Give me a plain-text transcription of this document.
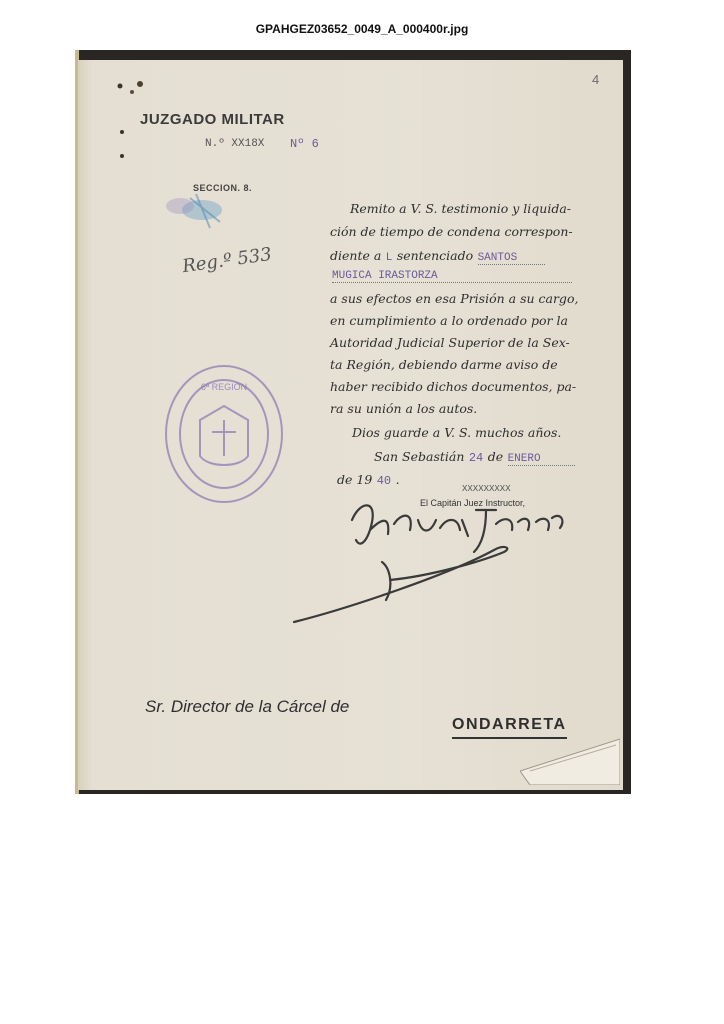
GPAHGEZ03652_0049_A_000400r.jpg
4
JUZGADO MILITAR
N.º XX18X Nº 6
SECCION. 8.
Reg.º 533
Remito a V. S. testimonio y liquida-
ción de tiempo de condena correspon-
diente a L sentenciado SANTOS
MUGICA IRASTORZA
a sus efectos en esa Prisión a su cargo,
en cumplimiento a lo ordenado por la
Autoridad Judicial Superior de la Sex-
ta Región, debiendo darme aviso de
haber recibido dichos documentos, pa-
ra su unión a los autos.
Dios guarde a V. S. muchos años.
San Sebastián 24 de ENERO
de 19 40 .
XXXXXXXXX
El Capitán Juez Instructor,
6ª REGION
Sr. Director de la Cárcel de
ONDARRETA
